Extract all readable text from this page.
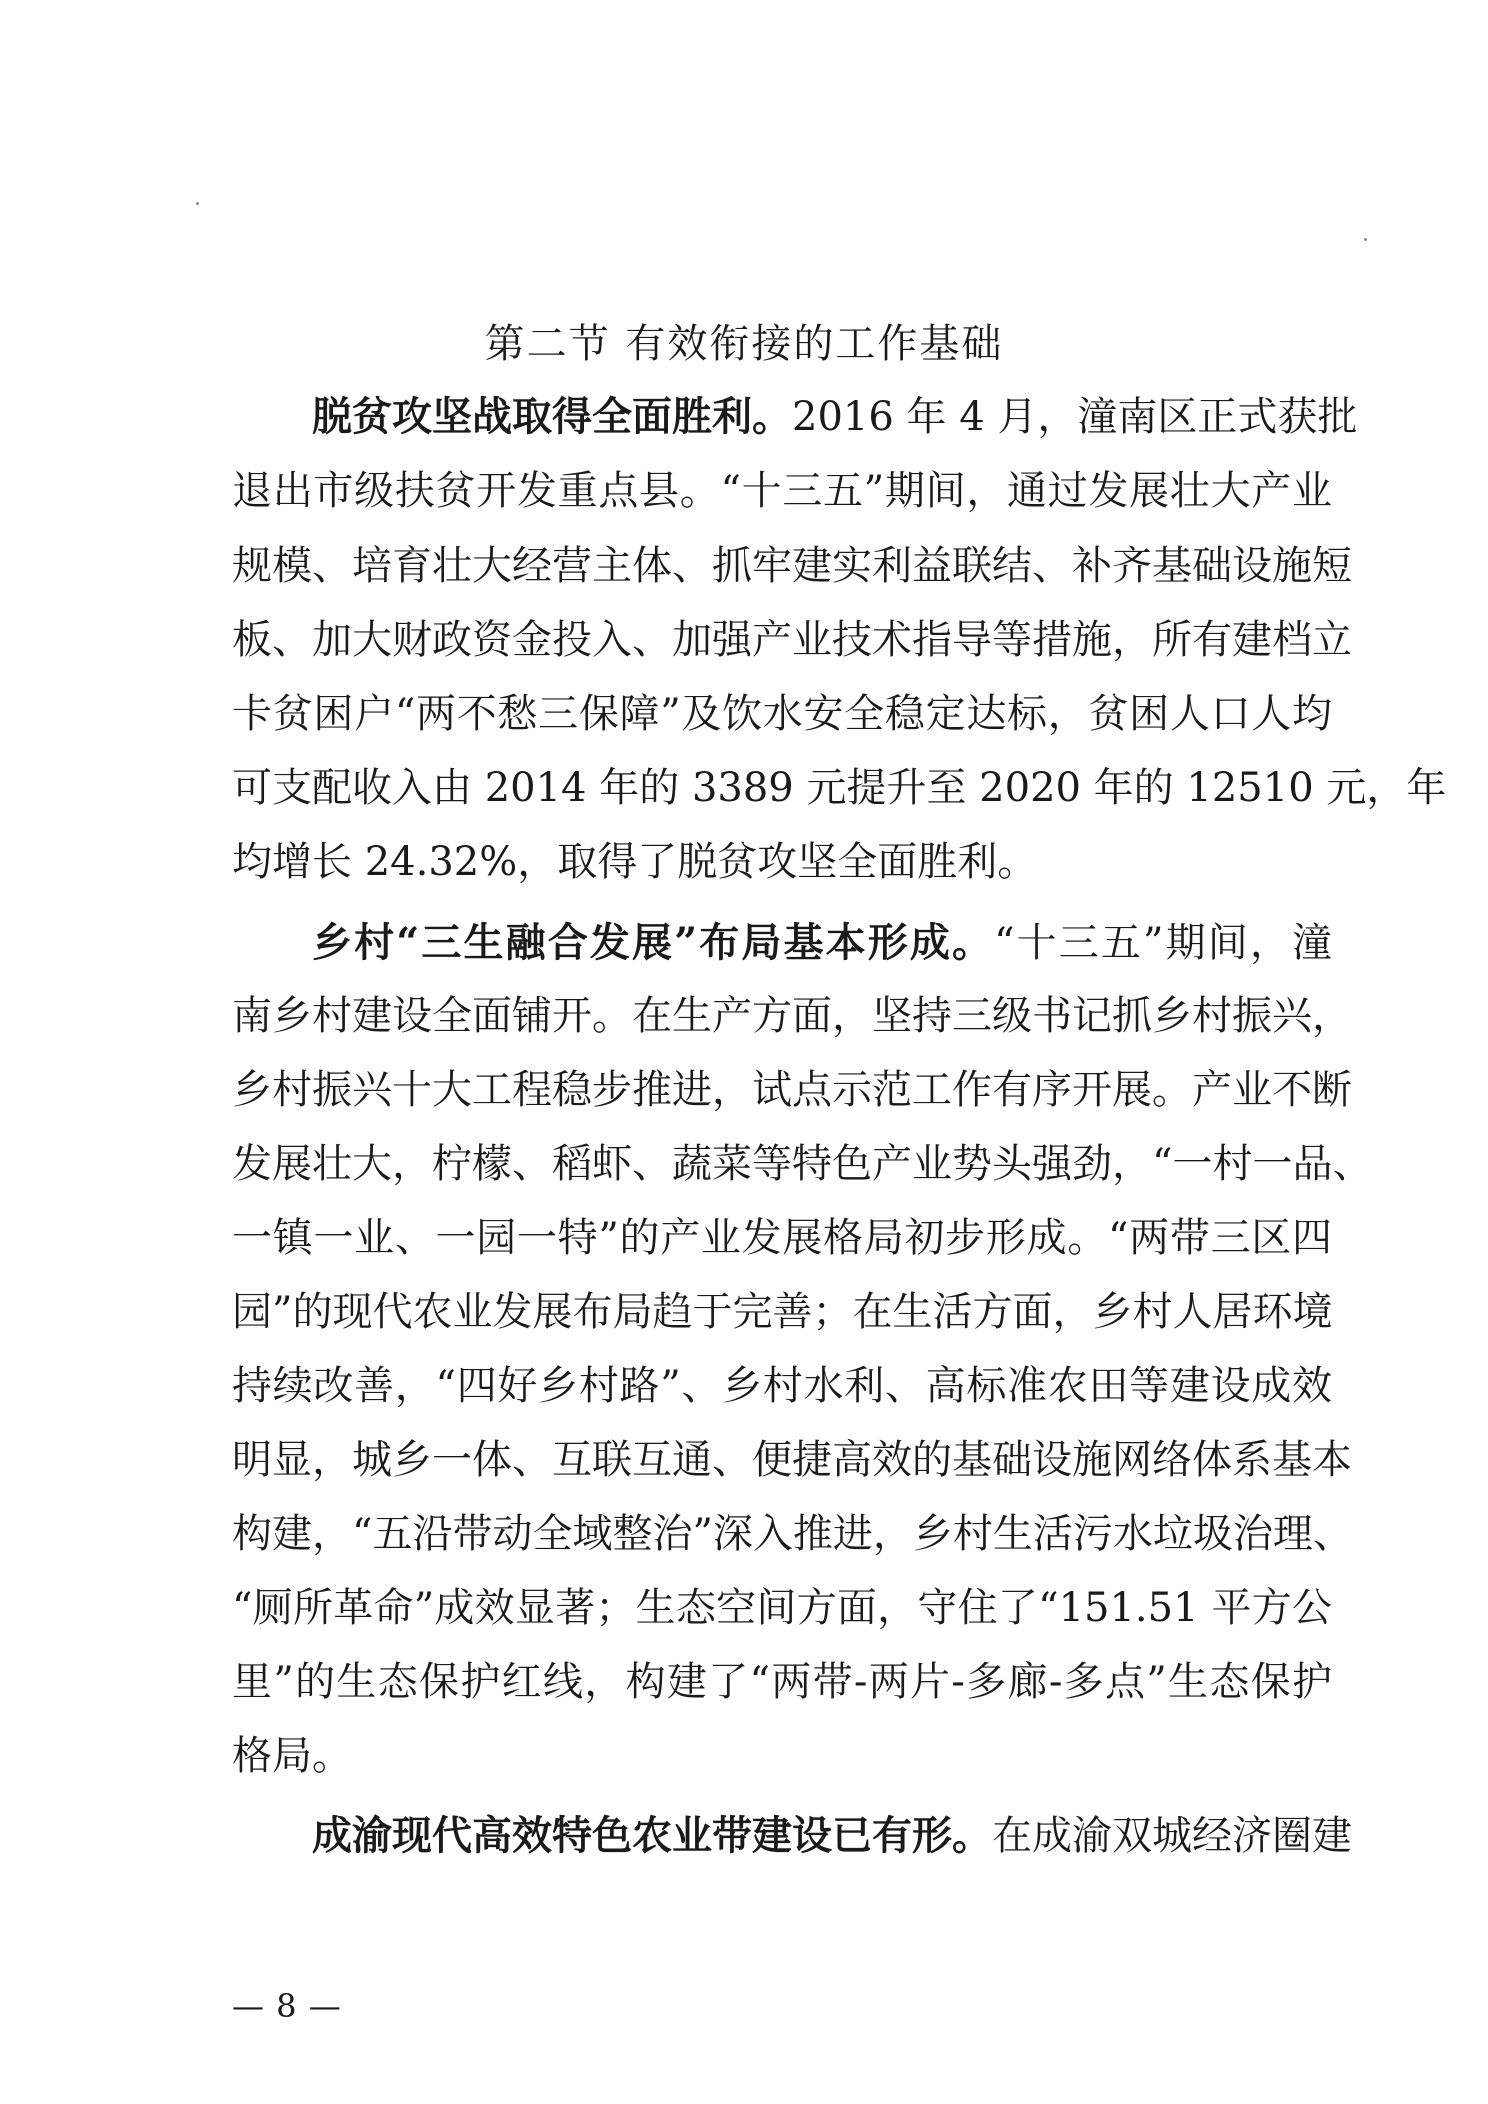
第二节 有效衔接的工作基础
脱贫攻坚战取得全面胜利。2016 年 4 月，潼南区正式获批
退出市级扶贫开发重点县。“十三五”期间，通过发展壮大产业
规模、培育壮大经营主体、抓牢建实利益联结、补齐基础设施短
板、加大财政资金投入、加强产业技术指导等措施，所有建档立
卡贫困户“两不愁三保障”及饮水安全稳定达标，贫困人口人均
可支配收入由 2014 年的 3389 元提升至 2020 年的 12510 元，年
均增长 24.32%，取得了脱贫攻坚全面胜利。
乡村“三生融合发展”布局基本形成。“十三五”期间，潼
南乡村建设全面铺开。在生产方面，坚持三级书记抓乡村振兴，
乡村振兴十大工程稳步推进，试点示范工作有序开展。产业不断
发展壮大，柠檬、稻虾、蔬菜等特色产业势头强劲，“一村一品、
一镇一业、一园一特”的产业发展格局初步形成。“两带三区四
园”的现代农业发展布局趋于完善；在生活方面，乡村人居环境
持续改善，“四好乡村路”、乡村水利、高标准农田等建设成效
明显，城乡一体、互联互通、便捷高效的基础设施网络体系基本
构建，“五沿带动全域整治”深入推进，乡村生活污水垃圾治理、
“厕所革命”成效显著；生态空间方面，守住了“151.51 平方公
里”的生态保护红线，构建了“两带-两片-多廊-多点”生态保护
格局。
成渝现代高效特色农业带建设已有形。在成渝双城经济圈建
— 8 —
